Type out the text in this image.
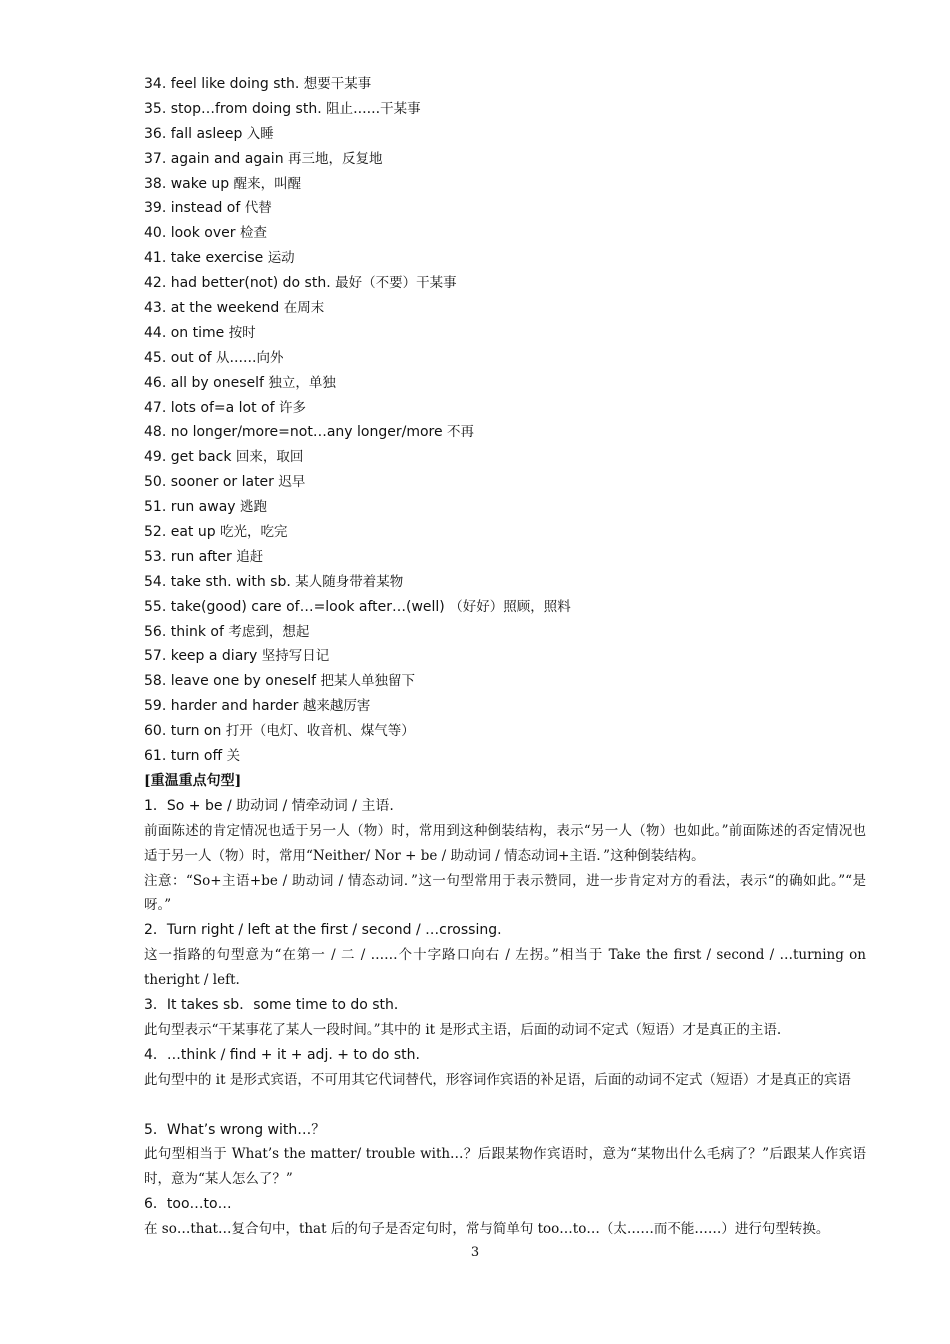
34. feel like doing sth. 想要干某事
35. stop…from doing sth. 阻止……干某事
36. fall asleep 入睡
37. again and again 再三地，反复地
38. wake up 醒来，叫醒
39. instead of 代替
40. look over 检查
41. take exercise 运动
42. had better(not) do sth. 最好（不要）干某事
43. at the weekend 在周末
44. on time 按时
45. out of 从……向外
46. all by oneself 独立，单独
47. lots of=a lot of 许多
48. no longer/more=not…any longer/more 不再
49. get back 回来，取回
50. sooner or later 迟早
51. run away 逃跑
52. eat up 吃光，吃完
53. run after 追赶
54. take sth. with sb. 某人随身带着某物
55. take(good) care of…=look after…(well) （好好）照顾，照料
56. think of 考虑到，想起
57. keep a diary 坚持写日记
58. leave one by oneself 把某人单独留下
59. harder and harder 越来越厉害
60. turn on 打开（电灯、收音机、煤气等）
61. turn off 关
[重温重点句型]
1．So + be / 助动词 / 情牵动词 / 主语.
前面陈述的肯定情况也适于另一人（物）时，常用到这种倒装结构，表示“另一人（物）也如此。”前面陈述的否定情况也适于另一人（物）时，常用“Neither/ Nor + be / 助动词 / 情态动词+主语．”这种倒装结构。
注意：“So+主语+be / 助动词 / 情态动词．”这一句型常用于表示赞同，进一步肯定对方的看法，表示“的确如此。”“是呀。”
2．Turn right / left at the first / second / …crossing.
这一指路的句型意为“在第一 / 二 / ……个十字路口向右 / 左拐。”相当于 Take the first / second / …turning on theright / left.
3．It takes sb．some time to do sth．
此句型表示“干某事花了某人一段时间。”其中的 it 是形式主语，后面的动词不定式（短语）才是真正的主语.
4．…think / find + it + adj. + to do sth.
此句型中的 it 是形式宾语，不可用其它代词替代，形容词作宾语的补足语，后面的动词不定式（短语）才是真正的宾语
5．What’s wrong with…？
此句型相当于 What’s the matter/ trouble with…？后跟某物作宾语时，意为“某物出什么毛病了？”后跟某人作宾语时，意为“某人怎么了？”
6．too…to…
在 so…that…复合句中，that 后的句子是否定句时，常与简单句 too…to…（太……而不能……）进行句型转换。
3
